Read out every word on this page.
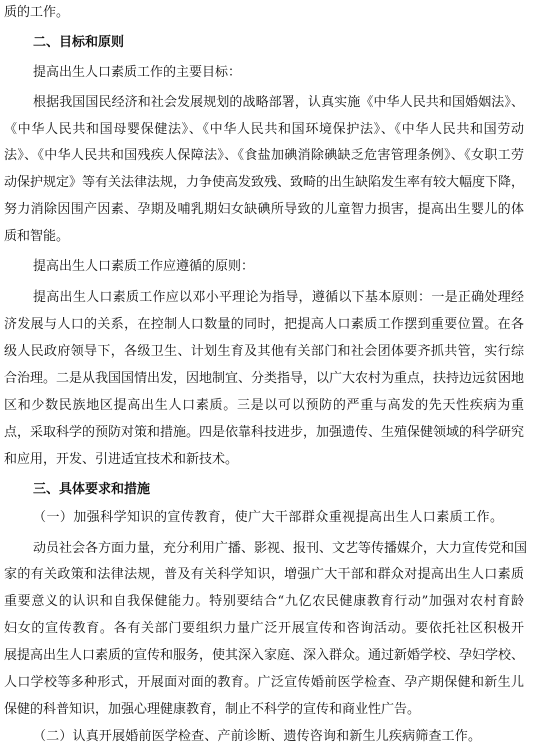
质的工作。
二、目标和原则
提高出生人口素质工作的主要目标：
根据我国国民经济和社会发展规划的战略部署，认真实施《中华人民共和国婚姻法》、
《中华人民共和国母婴保健法》、《中华人民共和国环境保护法》、《中华人民共和国劳动
法》、《中华人民共和国残疾人保障法》、《食盐加碘消除碘缺乏危害管理条例》、《女职工劳
动保护规定》等有关法律法规，力争使高发致残、致畸的出生缺陷发生率有较大幅度下降，
努力消除因围产因素、孕期及哺乳期妇女缺碘所导致的儿童智力损害，提高出生婴儿的体
质和智能。
提高出生人口素质工作应遵循的原则：
提高出生人口素质工作应以邓小平理论为指导，遵循以下基本原则：一是正确处理经
济发展与人口的关系，在控制人口数量的同时，把提高人口素质工作摆到重要位置。在各
级人民政府领导下，各级卫生、计划生育及其他有关部门和社会团体要齐抓共管，实行综
合治理。二是从我国国情出发，因地制宜、分类指导，以广大农村为重点，扶持边远贫困地
区和少数民族地区提高出生人口素质。三是以可以预防的严重与高发的先天性疾病为重
点，采取科学的预防对策和措施。四是依靠科技进步，加强遗传、生殖保健领域的科学研究
和应用，开发、引进适宜技术和新技术。
三、具体要求和措施
（一）加强科学知识的宣传教育，使广大干部群众重视提高出生人口素质工作。
动员社会各方面力量，充分利用广播、影视、报刊、文艺等传播媒介，大力宣传党和国
家的有关政策和法律法规，普及有关科学知识，增强广大干部和群众对提高出生人口素质
重要意义的认识和自我保健能力。特别要结合“九亿农民健康教育行动”加强对农村育龄
妇女的宣传教育。各有关部门要组织力量广泛开展宣传和咨询活动。要依托社区积极开
展提高出生人口素质的宣传和服务，使其深入家庭、深入群众。通过新婚学校、孕妇学校、
人口学校等多种形式，开展面对面的教育。广泛宣传婚前医学检查、孕产期保健和新生儿
保健的科普知识，加强心理健康教育，制止不科学的宣传和商业性广告。
（二）认真开展婚前医学检查、产前诊断、遗传咨询和新生儿疾病筛查工作。
